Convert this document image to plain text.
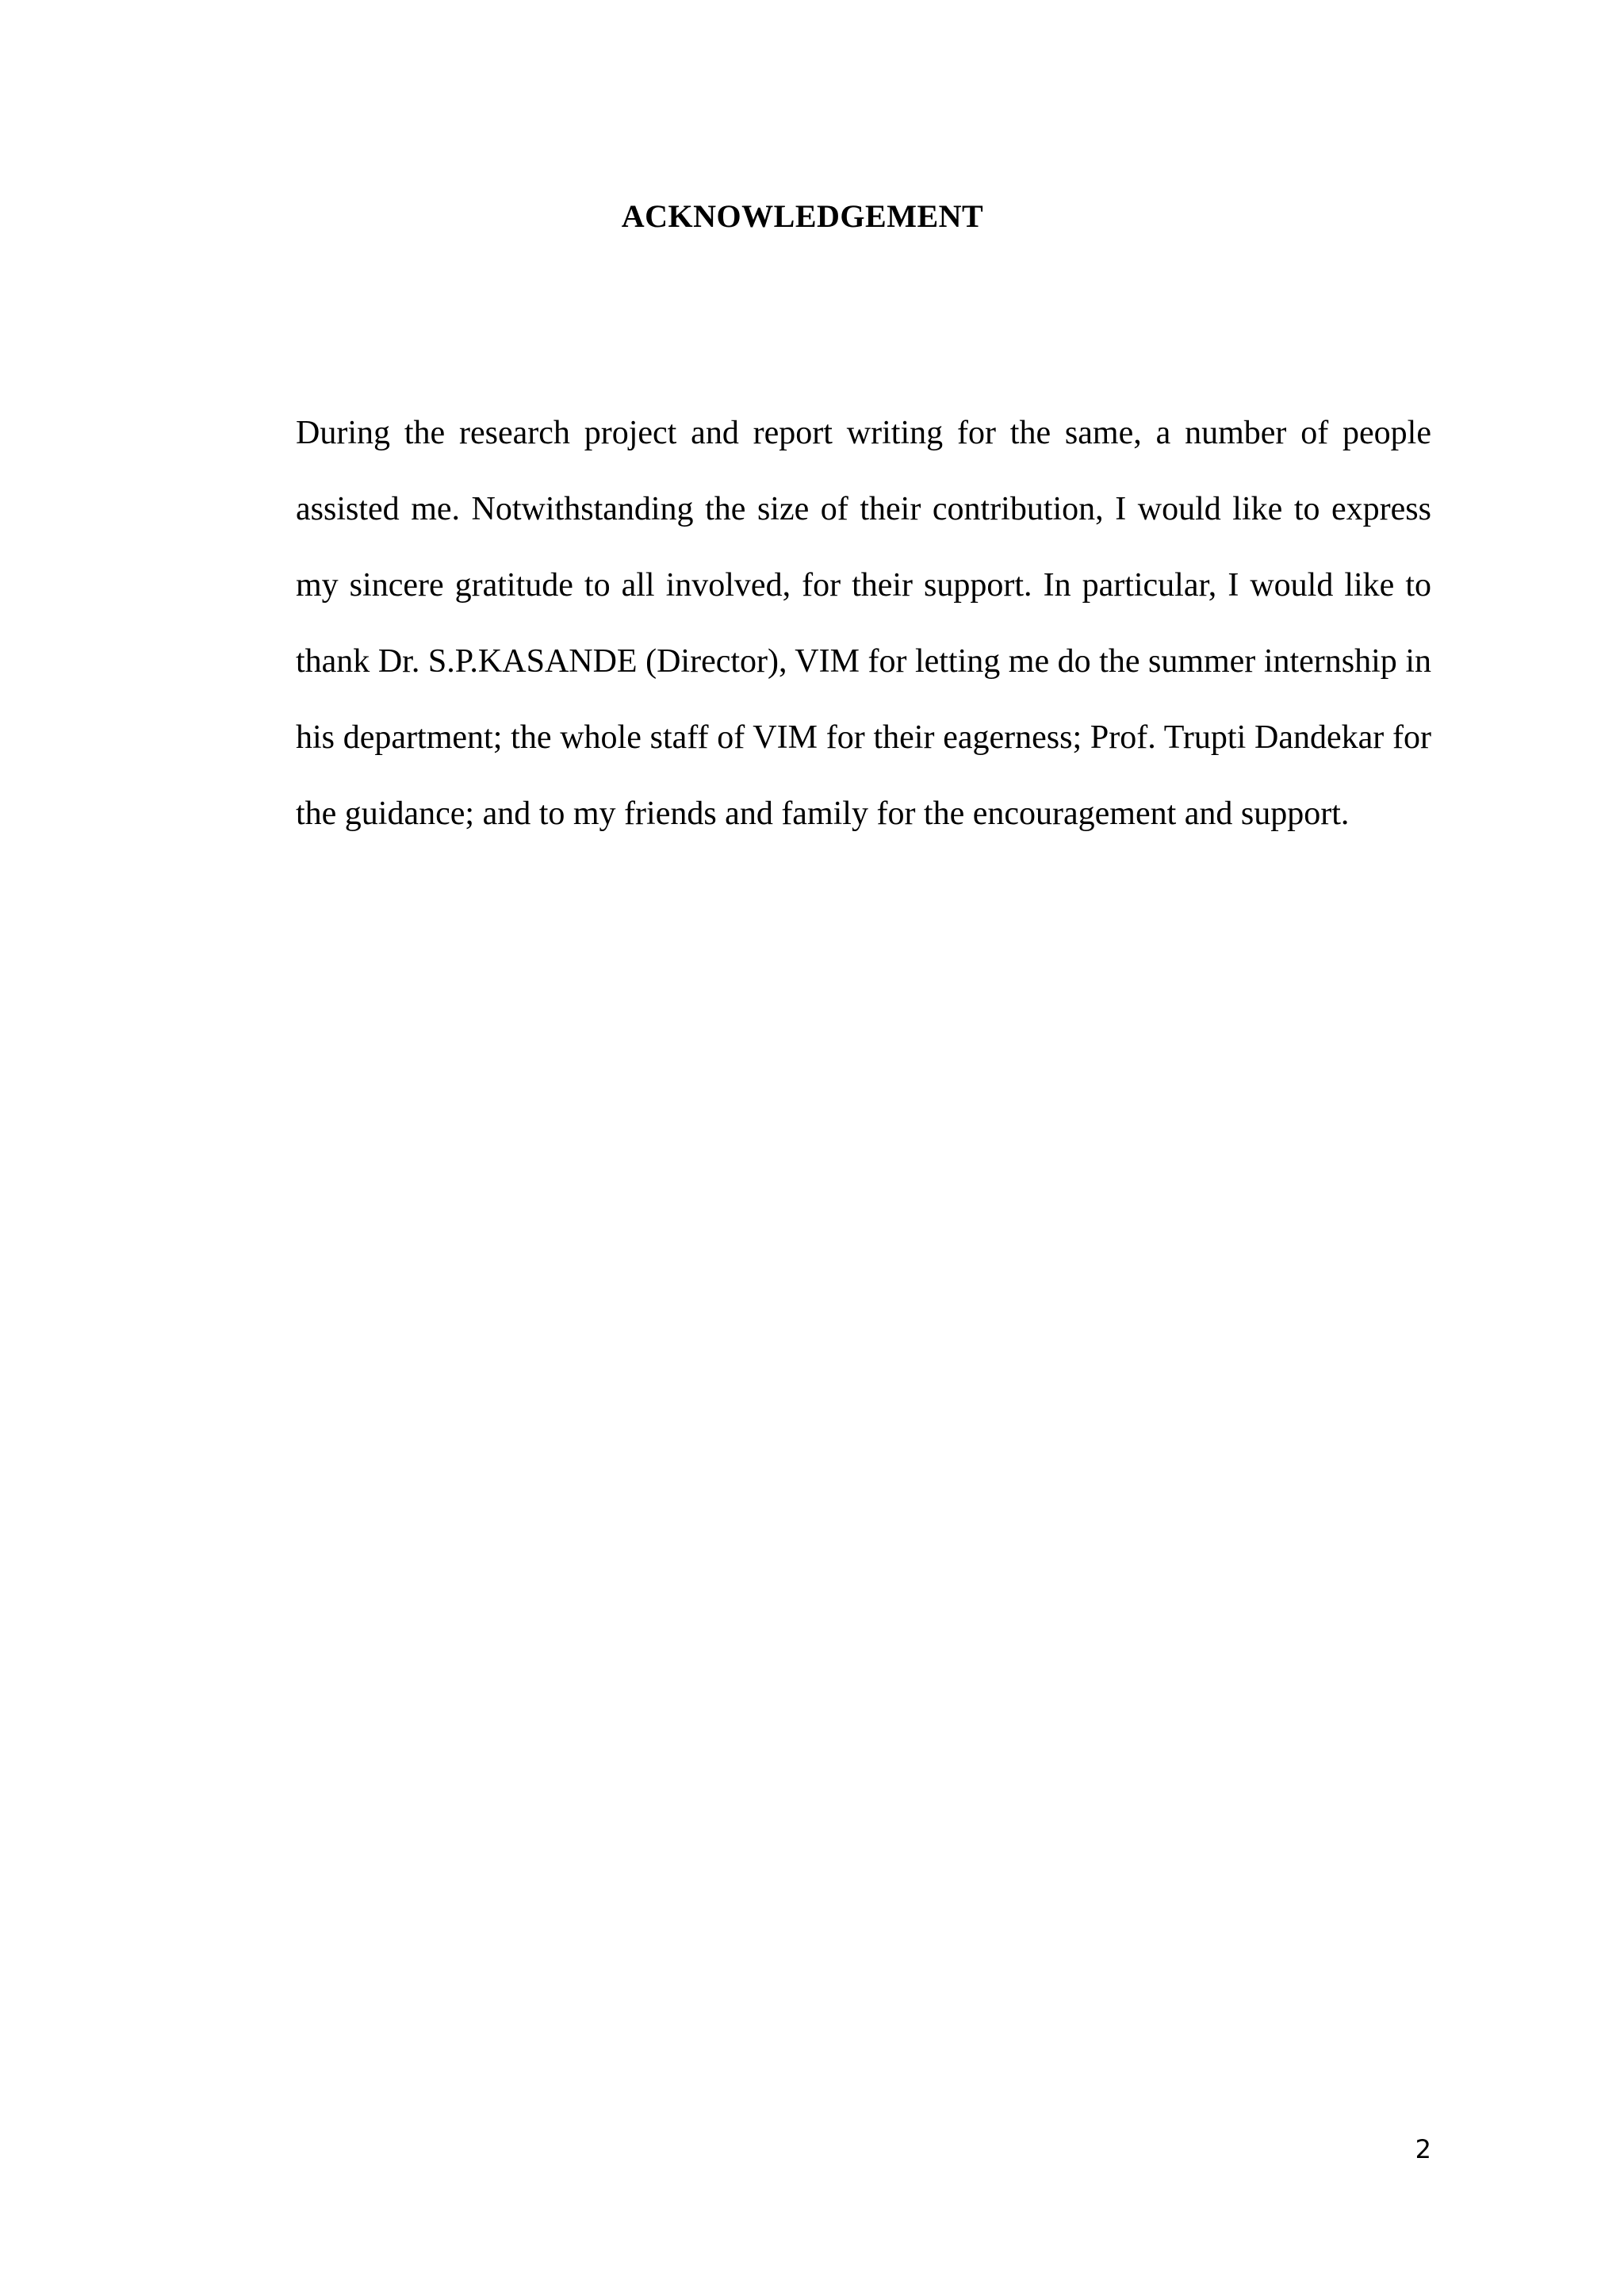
ACKNOWLEDGEMENT

During the research project and report writing for the same, a number of people assisted me. Notwithstanding the size of their contribution, I would like to express my sincere gratitude to all involved, for their support. In particular, I would like to thank Dr. S.P.KASANDE (Director), VIM for letting me do the summer internship in his department; the whole staff of VIM for their eagerness; Prof. Trupti Dandekar for the guidance; and to my friends and family for the encouragement and support.

2
